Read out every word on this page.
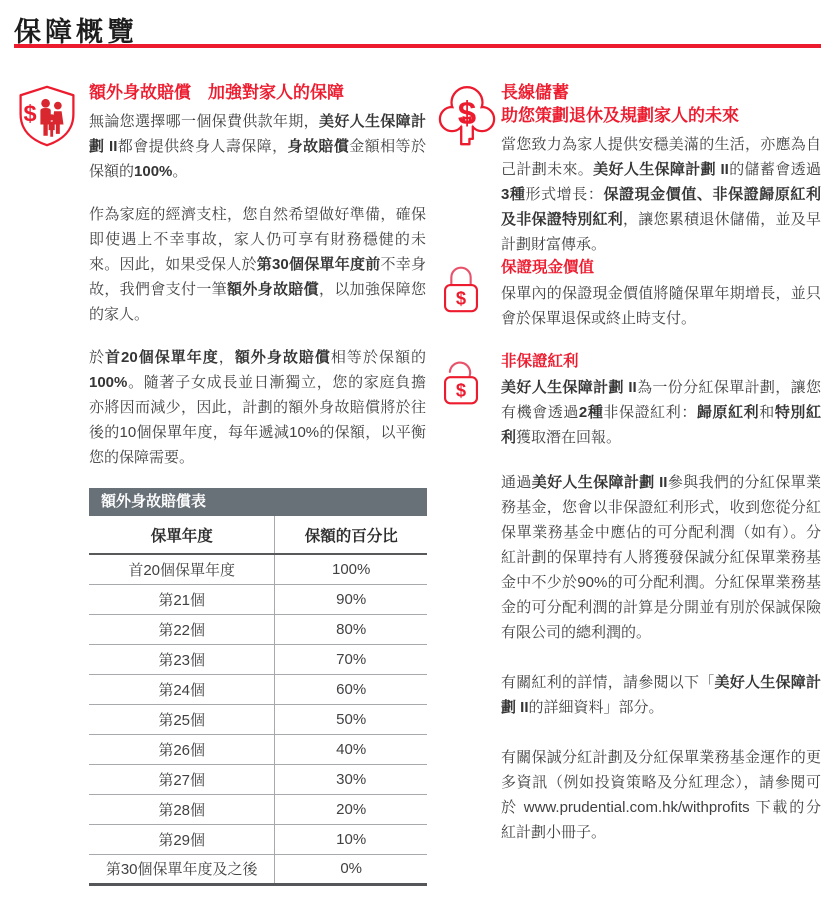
保障概覽
$
額外身故賠償　加強對家人的保障

無論您選擇哪一個保費供款年期，美好人生保障計劃 II都會提供終身人壽保障，身故賠償金額相等於保額的100%。

作為家庭的經濟支柱，您自然希望做好準備，確保即使遇上不幸事故，家人仍可享有財務穩健的未來。因此，如果受保人於第30個保單年度前不幸身故，我們會支付一筆額外身故賠償，以加強保障您的家人。

於首20個保單年度，額外身故賠償相等於保額的100%。隨著子女成長並日漸獨立，您的家庭負擔亦將因而減少，因此，計劃的額外身故賠償將於往後的10個保單年度，每年遞減10%的保額，以平衡您的保障需要。

額外身故賠償表
保單年度	保額的百分比
首20個保單年度	100%
第21個	90%
第22個	80%
第23個	70%
第24個	60%
第25個	50%
第26個	40%
第27個	30%
第28個	20%
第29個	10%
第30個保單年度及之後	0%
$
長線儲蓄
助您策劃退休及規劃家人的未來

當您致力為家人提供安穩美滿的生活，亦應為自己計劃未來。美好人生保障計劃 II的儲蓄會透過3種形式增長：保證現金價值、非保證歸原紅利及非保證特別紅利，讓您累積退休儲備，並及早計劃財富傳承。

$
保證現金價值

保單內的保證現金價值將隨保單年期增長，並只會於保單退保或終止時支付。

$
非保證紅利

美好人生保障計劃 II為一份分紅保單計劃，讓您有機會透過2種非保證紅利：歸原紅利和特別紅利獲取潛在回報。

通過美好人生保障計劃 II參與我們的分紅保單業務基金，您會以非保證紅利形式，收到您從分紅保單業務基金中應佔的可分配利潤（如有）。分紅計劃的保單持有人將獲發保誠分紅保單業務基金中不少於90%的可分配利潤。分紅保單業務基金的可分配利潤的計算是分開並有別於保誠保險有限公司的總利潤的。

有關紅利的詳情，請參閱以下「美好人生保障計劃 II的詳細資料」部分。

有關保誠分紅計劃及分紅保單業務基金運作的更多資訊（例如投資策略及分紅理念），請參閱可於 www.prudential.com.hk/withprofits 下載的分紅計劃小冊子。
